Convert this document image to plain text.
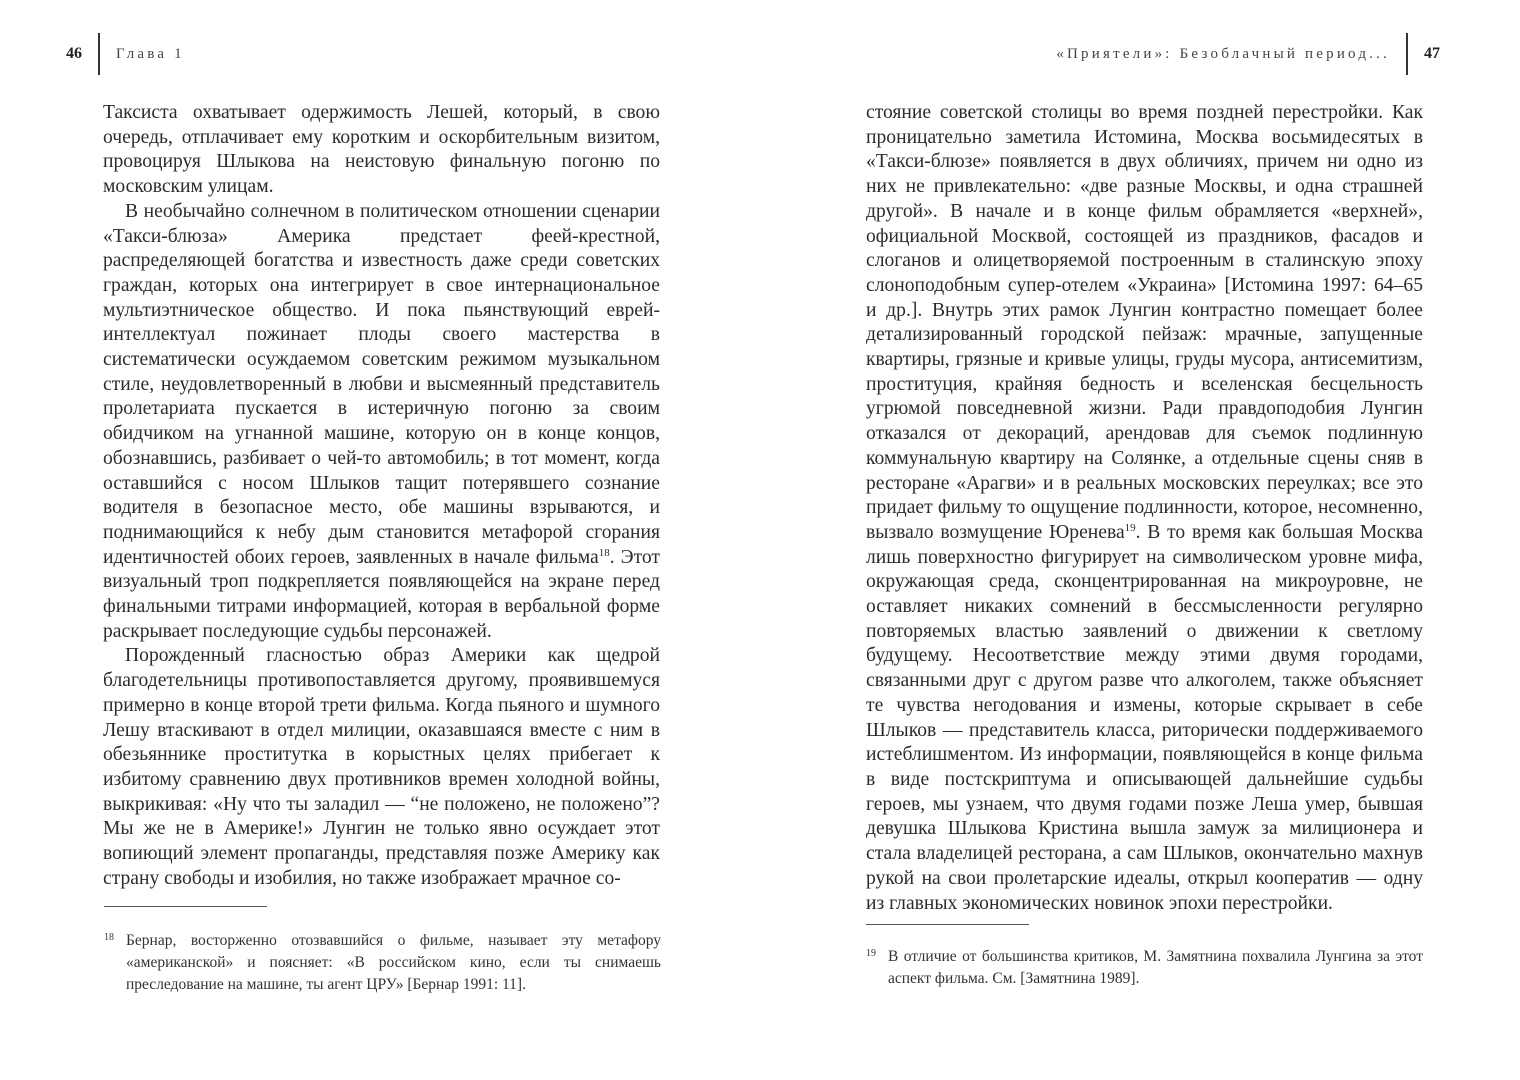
46 Глава 1

Таксиста охватывает одержимость Лешей, который, в свою очередь, отплачивает ему коротким и оскорбительным визитом, провоцируя Шлыкова на неистовую финальную погоню по московским улицам.

В необычайно солнечном в политическом отношении сценарии «Такси-блюза» Америка предстает феей-крестной, распределяющей богатства и известность даже среди советских граждан, которых она интегрирует в свое интернациональное мультиэтническое общество. И пока пьянствующий еврей-интеллектуал пожинает плоды своего мастерства в систематически осуждаемом советским режимом музыкальном стиле, неудовлетворенный в любви и высмеянный представитель пролетариата пускается в истеричную погоню за своим обидчиком на угнанной машине, которую он в конце концов, обознавшись, разбивает о чей-то автомобиль; в тот момент, когда оставшийся с носом Шлыков тащит потерявшего сознание водителя в безопасное место, обе машины взрываются, и поднимающийся к небу дым становится метафорой сгорания идентичностей обоих героев, заявленных в начале фильма$^{18}$. Этот визуальный троп подкрепляется появляющейся на экране перед финальными титрами информацией, которая в вербальной форме раскрывает последующие судьбы персонажей.

Порожденный гласностью образ Америки как щедрой благодетельницы противопоставляется другому, проявившемуся примерно в конце второй трети фильма. Когда пьяного и шумного Лешу втаскивают в отдел милиции, оказавшаяся вместе с ним в обезьяннике проститутка в корыстных целях прибегает к избитому сравнению двух противников времен холодной войны, выкрикивая: «Ну что ты заладил — “не положено, не положено”? Мы же не в Америке!» Лунгин не только явно осуждает этот вопиющий элемент пропаганды, представляя позже Америку как страну свободы и изобилия, но также изображает мрачное со-

18 Бернар, восторженно отозвавшийся о фильме, называет эту метафору «американской» и поясняет: «В российском кино, если ты снимаешь преследование на машине, ты агент ЦРУ» [Бернар 1991: 11].
«Приятели»: Безоблачный период... 47

стояние советской столицы во время поздней перестройки. Как проницательно заметила Истомина, Москва восьмидесятых в «Такси-блюзе» появляется в двух обличиях, причем ни одно из них не привлекательно: «две разные Москвы, и одна страшней другой». В начале и в конце фильм обрамляется «верхней», официальной Москвой, состоящей из праздников, фасадов и слоганов и олицетворяемой построенным в сталинскую эпоху слоноподобным супер-отелем «Украина» [Истомина 1997: 64–65 и др.]. Внутрь этих рамок Лунгин контрастно помещает более детализированный городской пейзаж: мрачные, запущенные квартиры, грязные и кривые улицы, груды мусора, антисемитизм, проституция, крайняя бедность и вселенская бесцельность угрюмой повседневной жизни. Ради правдоподобия Лунгин отказался от декораций, арендовав для съемок подлинную коммунальную квартиру на Солянке, а отдельные сцены сняв в ресторане «Арагви» и в реальных московских переулках; все это придает фильму то ощущение подлинности, которое, несомненно, вызвало возмущение Юренева$^{19}$. В то время как большая Москва лишь поверхностно фигурирует на символическом уровне мифа, окружающая среда, сконцентрированная на микроуровне, не оставляет никаких сомнений в бессмысленности регулярно повторяемых властью заявлений о движении к светлому будущему. Несоответствие между этими двумя городами, связанными друг с другом разве что алкоголем, также объясняет те чувства негодования и измены, которые скрывает в себе Шлыков — представитель класса, риторически поддерживаемого истеблишментом. Из информации, появляющейся в конце фильма в виде постскриптума и описывающей дальнейшие судьбы героев, мы узнаем, что двумя годами позже Леша умер, бывшая девушка Шлыкова Кристина вышла замуж за милиционера и стала владелицей ресторана, а сам Шлыков, окончательно махнув рукой на свои пролетарские идеалы, открыл кооператив — одну из главных экономических новинок эпохи перестройки.

19 В отличие от большинства критиков, М. Замятнина похвалила Лунгина за этот аспект фильма. См. [Замятнина 1989].
